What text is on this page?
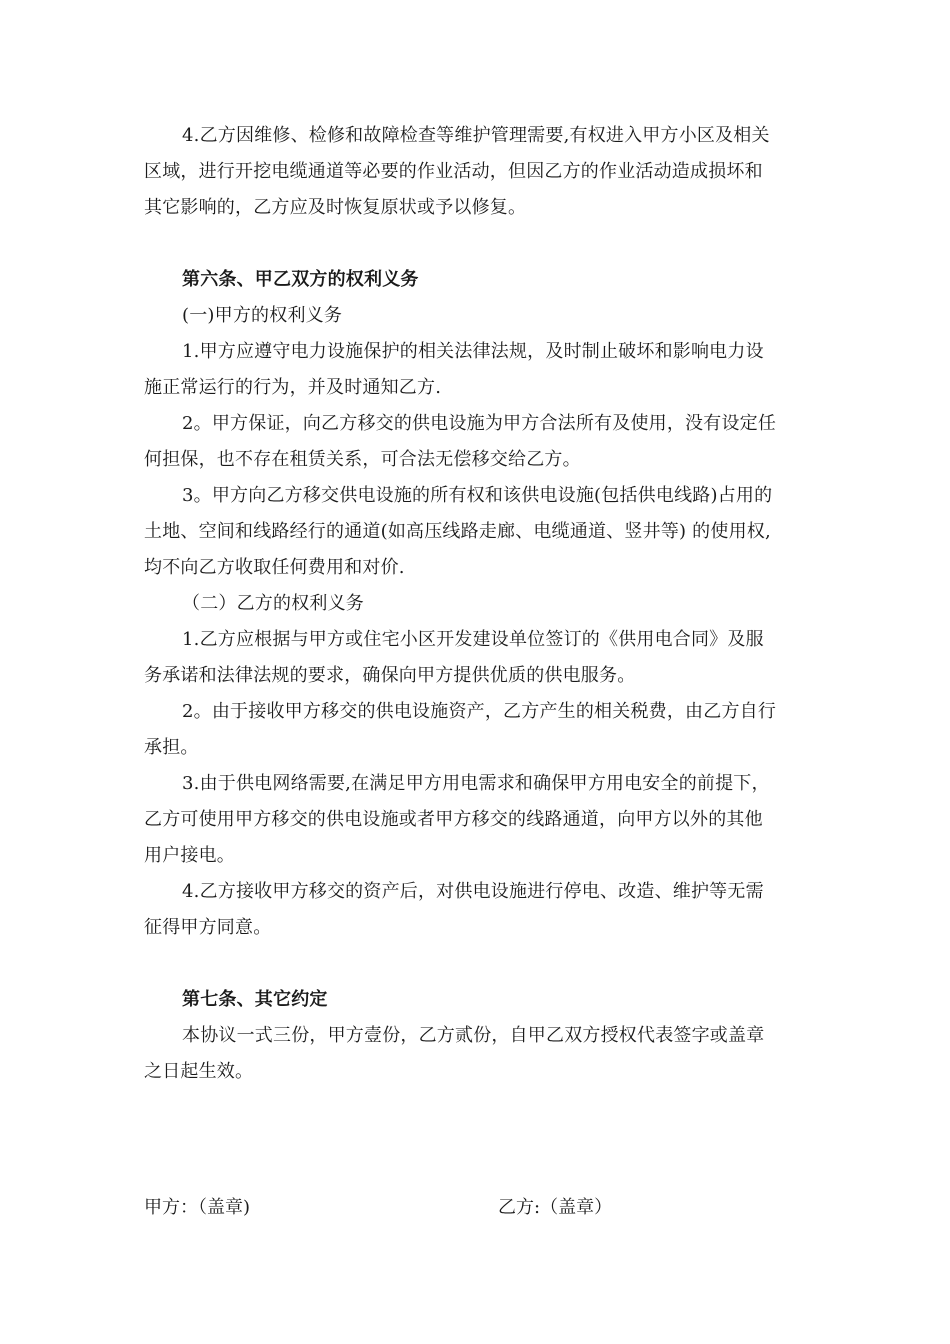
4.乙方因维修、检修和故障检查等维护管理需要,有权进入甲方小区及相关
区域，进行开挖电缆通道等必要的作业活动，但因乙方的作业活动造成损坏和
其它影响的，乙方应及时恢复原状或予以修复。
第六条、甲乙双方的权利义务
(一)甲方的权利义务
1.甲方应遵守电力设施保护的相关法律法规，及时制止破坏和影响电力设
施正常运行的行为，并及时通知乙方.
2。甲方保证，向乙方移交的供电设施为甲方合法所有及使用，没有设定任
何担保，也不存在租赁关系，可合法无偿移交给乙方。
3。甲方向乙方移交供电设施的所有权和该供电设施(包括供电线路)占用的
土地、空间和线路经行的通道(如高压线路走廊、电缆通道、竖井等) 的使用权,
均不向乙方收取任何费用和对价.
（二）乙方的权利义务
1.乙方应根据与甲方或住宅小区开发建设单位签订的《供用电合同》及服
务承诺和法律法规的要求，确保向甲方提供优质的供电服务。
2。由于接收甲方移交的供电设施资产，乙方产生的相关税费，由乙方自行
承担。
3.由于供电网络需要,在满足甲方用电需求和确保甲方用电安全的前提下，
乙方可使用甲方移交的供电设施或者甲方移交的线路通道，向甲方以外的其他
用户接电。
4.乙方接收甲方移交的资产后，对供电设施进行停电、改造、维护等无需
征得甲方同意。
第七条、其它约定
本协议一式三份，甲方壹份，乙方贰份，自甲乙双方授权代表签字或盖章
之日起生效。
甲方：（盖章)	乙方:（盖章）
